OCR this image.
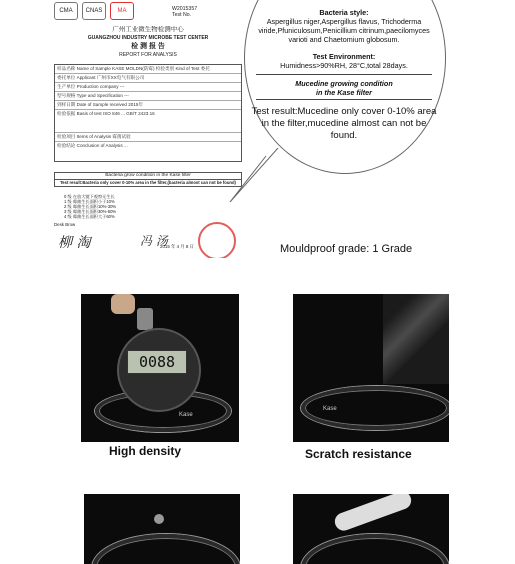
CMA	CNAS	MA
Test No.
W2015357
广州工业微生物检测中心
GUANGZHOU INDUSTRY MICROBE TEST CENTER
检 测 报 告
REPORT FOR ANALYSIS
样品名称 Name of Sample KASE MOLDN(防霉) 检验类别 Kind of Test 委托
委托单位 Applicant 广州市XX电气有限公司
生产单位 Production company ---
型号规格 Type and Specification ---
到样日期 Date of Sample received 2015年
检验依据 Basis of test ISO 846 ... GB/T 2423.16
检验项目 Items of Analysis 霉菌试验
检验结论 Conclusion of Analysis ...
Bacteria grow condition in the Kase filter
Test result:Bacteria only cover 0-10% area in the filter,(bacteria almost can not be found)
0 级 在放大镜下观察无生长
1 级 霉菌生长面积小于10%
2 级 霉菌生长面积10%-30%
3 级 霉菌生长面积30%-60%
4 级 霉菌生长面积大于60%
Desk Brow
柳 淘	冯 汤
2015 年 4 月 8 日
Bacteria style:
Aspergillus niger,Aspergillus flavus, Trichoderma viride,Pfuniculosum,Penicillium citrinum,paecilomyces varioti and Chaetomium globosum.
Test Environment:
Humidness>90%RH, 28°C,total 28days.
Mucedine growing condition
in the Kase filter
Test result:Mucedine only cover 0-10% area in the filter,mucedine almost can not be found.
Mouldproof grade: 1 Grade
0088
Kase
High density
Kase
Scratch resistance
